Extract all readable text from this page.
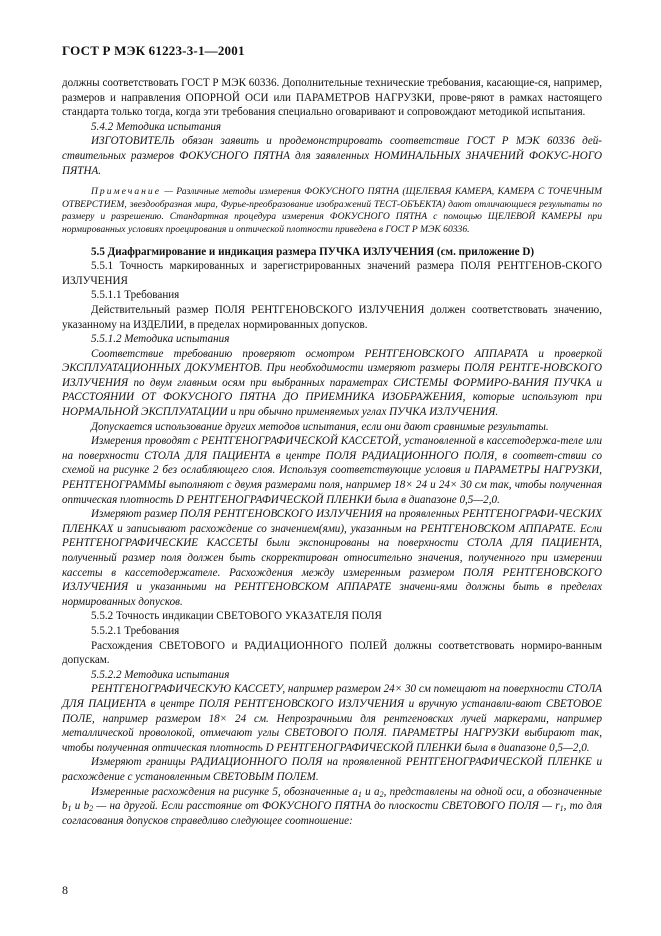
ГОСТ Р МЭК 61223-3-1—2001

должны соответствовать ГОСТ Р МЭК 60336. Дополнительные технические требования, касающие-ся, например, размеров и направления ОПОРНОЙ ОСИ или ПАРАМЕТРОВ НАГРУЗКИ, прове-ряют в рамках настоящего стандарта только тогда, когда эти требования специально оговаривают и сопровождают методикой испытания.

5.4.2 Методика испытания

ИЗГОТОВИТЕЛЬ обязан заявить и продемонстрировать соответствие ГОСТ Р МЭК 60336 дей-ствительных размеров ФОКУСНОГО ПЯТНА для заявленных НОМИНАЛЬНЫХ ЗНАЧЕНИЙ ФОКУС-НОГО ПЯТНА.

Примечание — Различные методы измерения ФОКУСНОГО ПЯТНА (ЩЕЛЕВАЯ КАМЕРА, КАМЕРА С ТОЧЕЧНЫМ ОТВЕРСТИЕМ, звездообразная мира, Фурье-преобразование изображений ТЕСТ-ОБЪЕКТА) дают отличающиеся результаты по размеру и разрешению. Стандартная процедура измерения ФОКУСНОГО ПЯТНА с помощью ЩЕЛЕВОЙ КАМЕРЫ при нормированных условиях проецирования и оптической плотности приведена в ГОСТ Р МЭК 60336.

5.5 Диафрагмирование и индикация размера ПУЧКА ИЗЛУЧЕНИЯ (см. приложение D)

5.5.1 Точность маркированных и зарегистрированных значений размера ПОЛЯ РЕНТГЕНОВ-СКОГО ИЗЛУЧЕНИЯ

5.5.1.1 Требования

Действительный размер ПОЛЯ РЕНТГЕНОВСКОГО ИЗЛУЧЕНИЯ должен соответствовать значению, указанному на ИЗДЕЛИИ, в пределах нормированных допусков.

5.5.1.2 Методика испытания

Соответствие требованию проверяют осмотром РЕНТГЕНОВСКОГО АППАРАТА и проверкой ЭКСПЛУАТАЦИОННЫХ ДОКУМЕНТОВ. При необходимости измеряют размеры ПОЛЯ РЕНТГЕ-НОВСКОГО ИЗЛУЧЕНИЯ по двум главным осям при выбранных параметрах СИСТЕМЫ ФОРМИРО-ВАНИЯ ПУЧКА и РАССТОЯНИИ ОТ ФОКУСНОГО ПЯТНА ДО ПРИЕМНИКА ИЗОБРАЖЕНИЯ, которые используют при НОРМАЛЬНОЙ ЭКСПЛУАТАЦИИ и при обычно применяемых углах ПУЧКА ИЗЛУЧЕНИЯ.

Допускается использование других методов испытания, если они дают сравнимые результаты.

Измерения проводят с РЕНТГЕНОГРАФИЧЕСКОЙ КАССЕТОЙ, установленной в кассетодержа-теле или на поверхности СТОЛА ДЛЯ ПАЦИЕНТА в центре ПОЛЯ РАДИАЦИОННОГО ПОЛЯ, в соответ-ствии со схемой на рисунке 2 без ослабляющего слоя. Используя соответствующие условия и ПАРАМЕТРЫ НАГРУЗКИ, РЕНТГЕНОГРАММЫ выполняют с двумя размерами поля, например 18× 24 и 24× 30 см так, чтобы полученная оптическая плотность D РЕНТГЕНОГРАФИЧЕСКОЙ ПЛЕНКИ была в диапазоне 0,5—2,0.

Измеряют размер ПОЛЯ РЕНТГЕНОВСКОГО ИЗЛУЧЕНИЯ на проявленных РЕНТГЕНОГРАФИ-ЧЕСКИХ ПЛЕНКАХ и записывают расхождение со значением(ями), указанным на РЕНТГЕНОВСКОМ АППАРАТЕ. Если РЕНТГЕНОГРАФИЧЕСКИЕ КАССЕТЫ были экспонированы на поверхности СТОЛА ДЛЯ ПАЦИЕНТА, полученный размер поля должен быть скорректирован относительно значения, полученного при измерении кассеты в кассетодержателе. Расхождения между измеренным размером ПОЛЯ РЕНТГЕНОВСКОГО ИЗЛУЧЕНИЯ и указанными на РЕНТГЕНОВСКОМ АППАРАТЕ значени-ями должны быть в пределах нормированных допусков.

5.5.2 Точность индикации СВЕТОВОГО УКАЗАТЕЛЯ ПОЛЯ

5.5.2.1 Требования

Расхождения СВЕТОВОГО и РАДИАЦИОННОГО ПОЛЕЙ должны соответствовать нормиро-ванным допускам.

5.5.2.2 Методика испытания

РЕНТГЕНОГРАФИЧЕСКУЮ КАССЕТУ, например размером 24× 30 см помещают на поверхности СТОЛА ДЛЯ ПАЦИЕНТА в центре ПОЛЯ РЕНТГЕНОВСКОГО ИЗЛУЧЕНИЯ и вручную устанавли-вают СВЕТОВОЕ ПОЛЕ, например размером 18× 24 см. Непрозрачными для рентгеновских лучей маркерами, например металлической проволокой, отмечают углы СВЕТОВОГО ПОЛЯ. ПАРАМЕТРЫ НАГРУЗКИ выбирают так, чтобы полученная оптическая плотность D РЕНТГЕНОГРАФИЧЕСКОЙ ПЛЕНКИ была в диапазоне 0,5—2,0.

Измеряют границы РАДИАЦИОННОГО ПОЛЯ на проявленной РЕНТГЕНОГРАФИЧЕСКОЙ ПЛЕНКЕ и расхождение с установленным СВЕТОВЫМ ПОЛЕМ.

Измеренные расхождения на рисунке 5, обозначенные $a_1$ и $a_2$, представлены на одной оси, а обозначенные $b_1$ и $b_2$ — на другой. Если расстояние от ФОКУСНОГО ПЯТНА до плоскости СВЕТОВОГО ПОЛЯ — $r_1$, то для согласования допусков справедливо следующее соотношение:

8
